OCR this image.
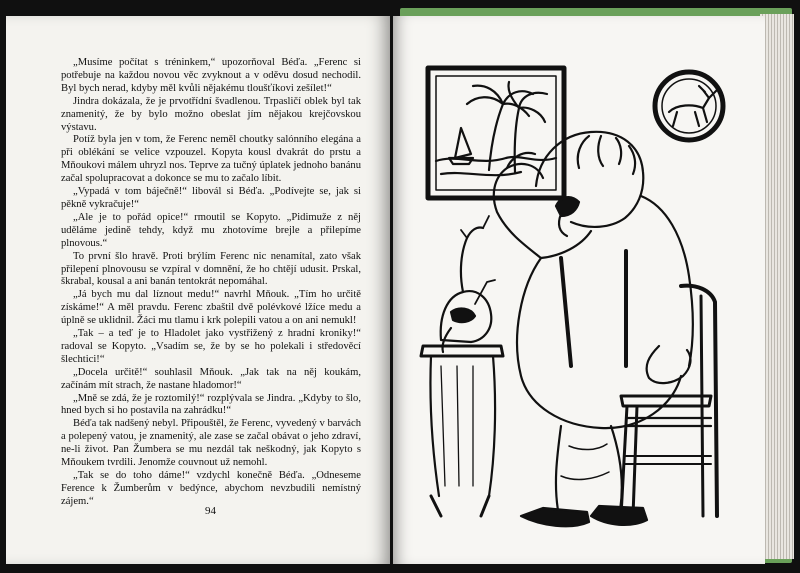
„Musíme počítat s tréninkem,“ upozorňoval Béďa. „Ferenc si potřebuje na každou novou věc zvyknout a v oděvu dosud nechodil. Byl bych nerad, kdyby měl kvůli nějakému tloušťíkovi zešílet!“

Jindra dokázala, že je prvotřídní švadlenou. Trpasličí oblek byl tak znamenitý, že by bylo možno obeslat jím nějakou krejčovskou výstavu.

Potíž byla jen v tom, že Ferenc neměl choutky salónního elegána a při oblékání se velice vzpouzel. Kopyta kousl dvakrát do prstu a Mňoukovi málem uhryzl nos. Teprve za tučný úplatek jednoho banánu začal spolupracovat a dokonce se mu to začalo líbit.

„Vypadá v tom báječně!“ libovál si Béďa. „Podívejte se, jak si pěkně vykračuje!“

„Ale je to pořád opice!“ rmoutil se Kopyto. „Pidimuže z něj uděláme jedině tehdy, když mu zhotovíme brejle a přilepíme plnovous.“

To první šlo hravě. Proti brýlím Ferenc nic nenamítal, zato však přilepení plnovousu se vzpíral v domnění, že ho chtějí udusit. Prskal, škrabal, kousal a ani banán tentokrát nepomáhal.

„Já bych mu dal líznout medu!“ navrhl Mňouk. „Tím ho určitě získáme!“ A měl pravdu. Ferenc zbaštil dvě polévkové lžíce medu a úplně se uklidnil. Žáci mu tlamu i krk polepili vatou a on ani nemukl!

„Tak – a teď je to Hladolet jako vystřižený z hradní kroniky!“ radoval se Kopyto. „Vsadím se, že by se ho polekali i středověcí šlechtici!“

„Docela určitě!“ souhlasil Mňouk. „Jak tak na něj koukám, začínám mít strach, že nastane hladomor!“

„Mně se zdá, že je roztomilý!“ rozplývala se Jindra. „Kdyby to šlo, hned bych si ho postavila na zahrádku!“

Béďa tak nadšený nebyl. Připouštěl, že Ferenc, vyvedený v barvách a polepený vatou, je znamenitý, ale zase se začal obávat o jeho zdraví, ne-li život. Pan Žumbera se mu nezdál tak neškodný, jak Kopyto s Mňoukem tvrdili. Jenomže couvnout už nemohl.

„Tak se do toho dáme!“ vzdychl konečně Béďa. „Odneseme Ference k Žumberům v bedýnce, abychom nevzbudili nemístný zájem.“

94
